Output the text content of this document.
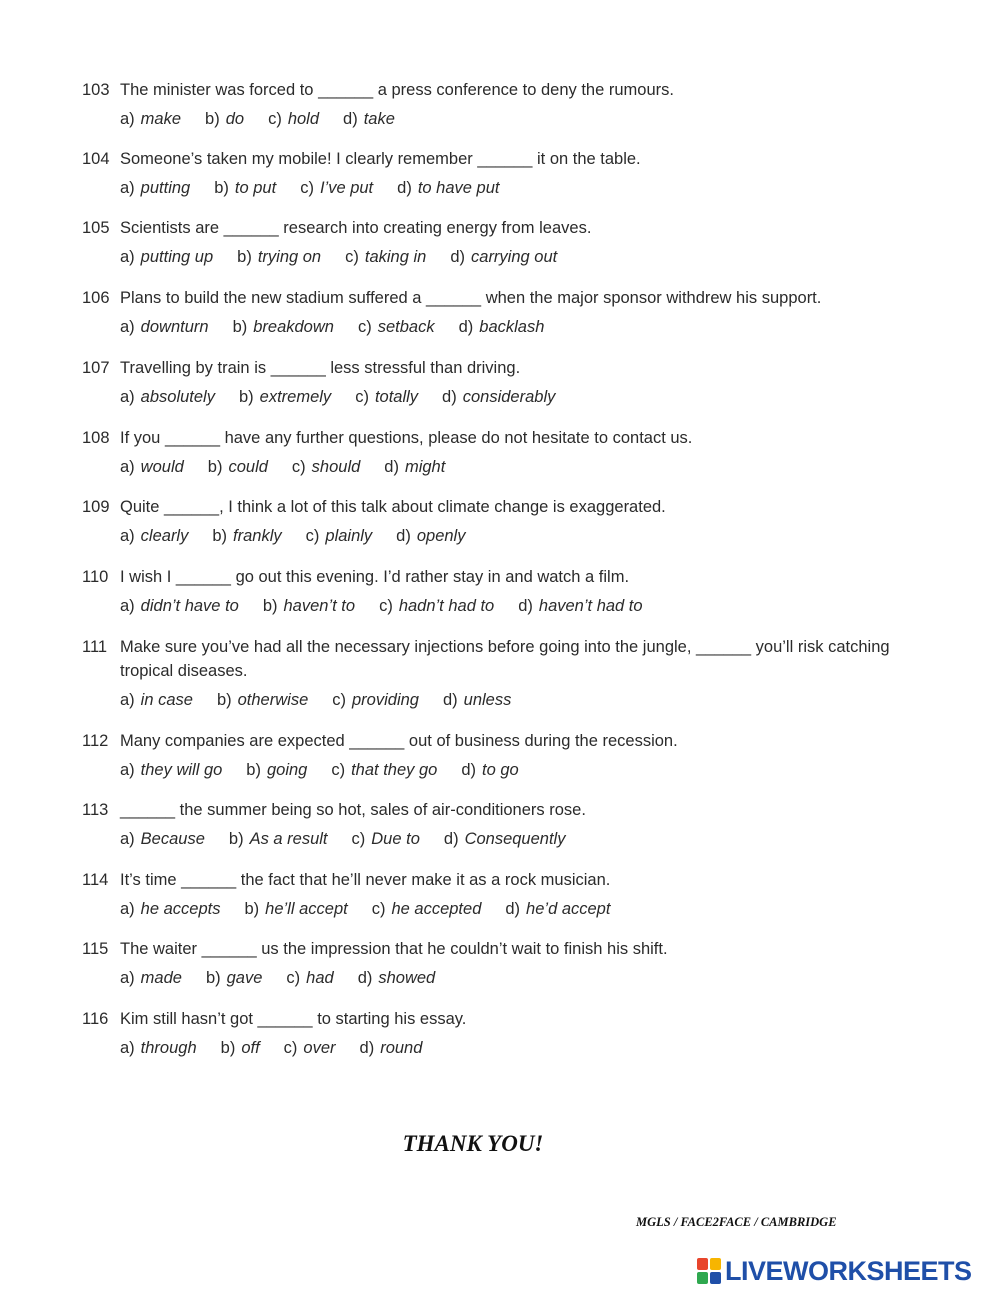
103 The minister was forced to ______ a press conference to deny the rumours.
a) make b) do c) hold d) take
104 Someone’s taken my mobile! I clearly remember ______ it on the table.
a) putting b) to put c) I’ve put d) to have put
105 Scientists are ______ research into creating energy from leaves.
a) putting up b) trying on c) taking in d) carrying out
106 Plans to build the new stadium suffered a ______ when the major sponsor withdrew his support.
a) downturn b) breakdown c) setback d) backlash
107 Travelling by train is ______ less stressful than driving.
a) absolutely b) extremely c) totally d) considerably
108 If you ______ have any further questions, please do not hesitate to contact us.
a) would b) could c) should d) might
109 Quite ______, I think a lot of this talk about climate change is exaggerated.
a) clearly b) frankly c) plainly d) openly
110 I wish I ______ go out this evening. I’d rather stay in and watch a film.
a) didn’t have to b) haven’t to c) hadn’t had to d) haven’t had to
111 Make sure you’ve had all the necessary injections before going into the jungle, ______ you’ll risk catching tropical diseases.
a) in case b) otherwise c) providing d) unless
112 Many companies are expected ______ out of business during the recession.
a) they will go b) going c) that they go d) to go
113 ______ the summer being so hot, sales of air-conditioners rose.
a) Because b) As a result c) Due to d) Consequently
114 It’s time ______ the fact that he’ll never make it as a rock musician.
a) he accepts b) he’ll accept c) he accepted d) he’d accept
115 The waiter ______ us the impression that he couldn’t wait to finish his shift.
a) made b) gave c) had d) showed
116 Kim still hasn’t got ______ to starting his essay.
a) through b) off c) over d) round
THANK YOU!
MGLS / FACE2FACE / CAMBRIDGE
LIVEWORKSHEETS
